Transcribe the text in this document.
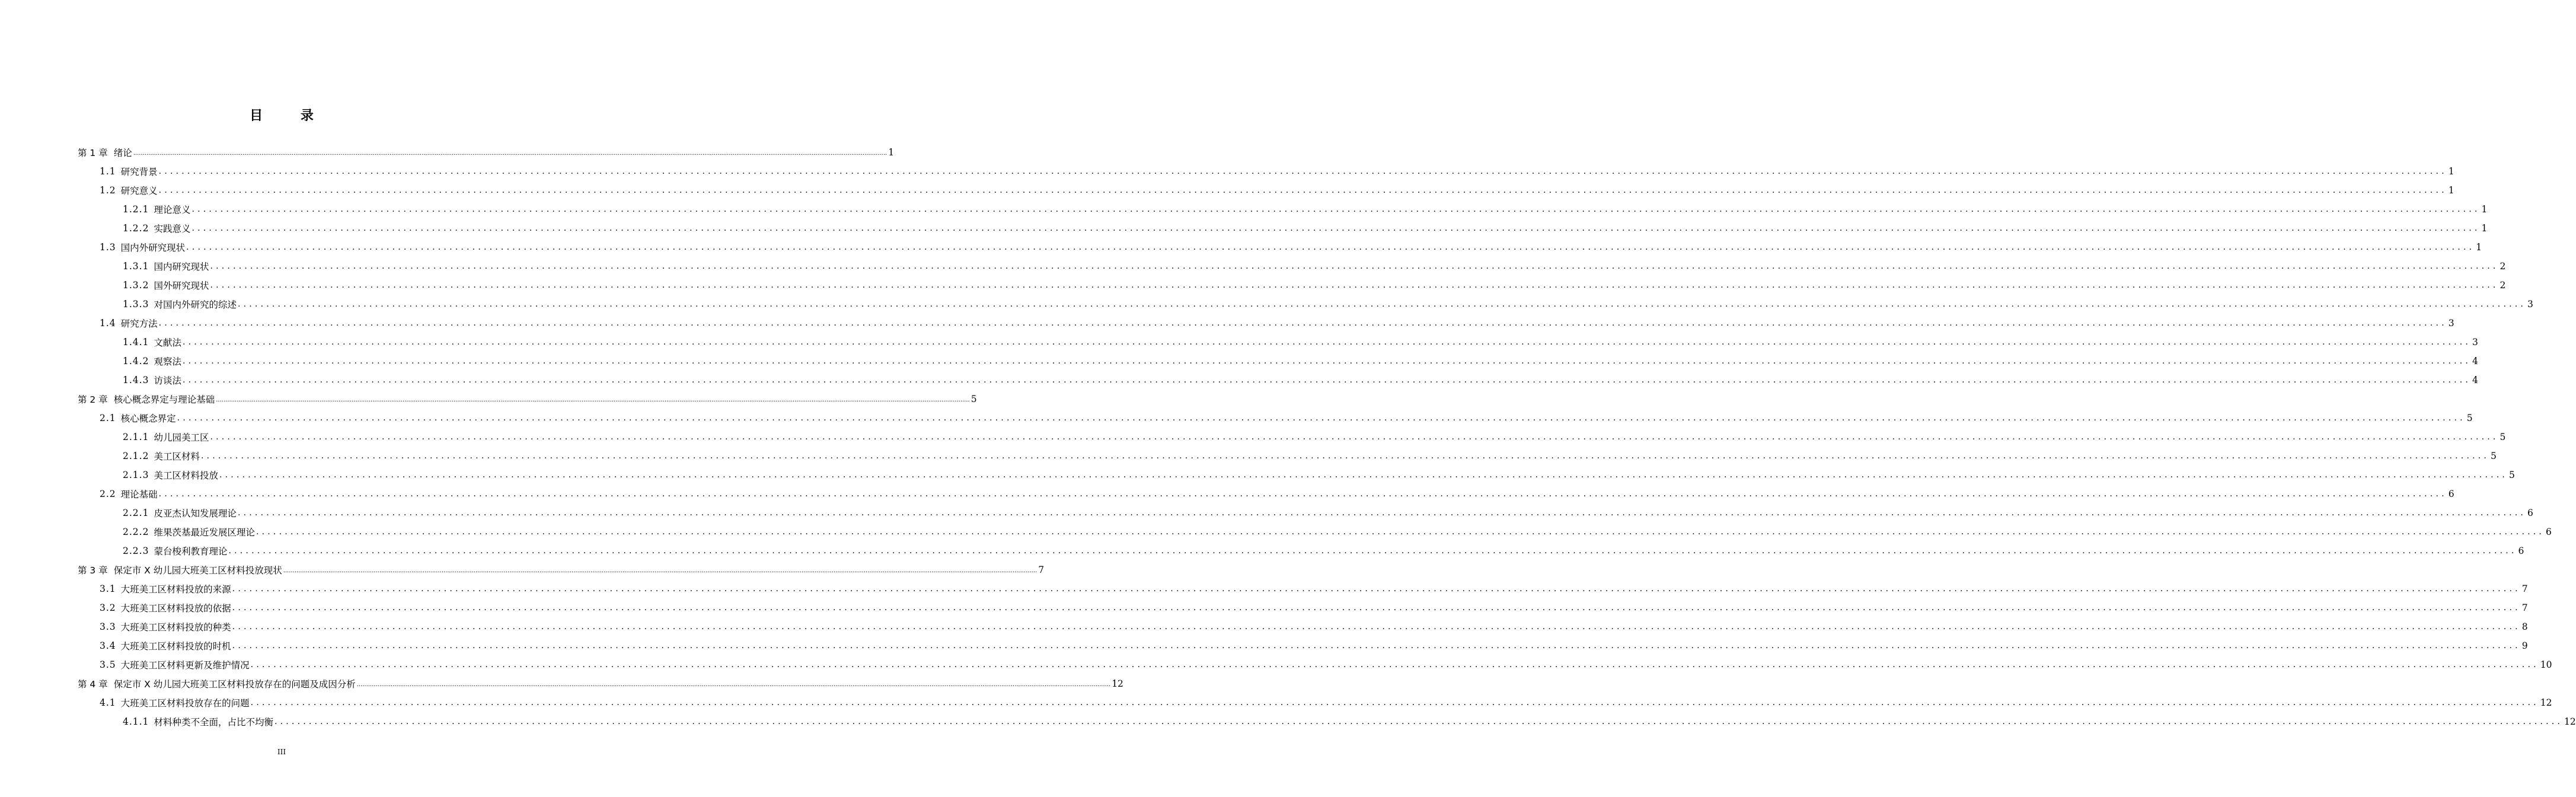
目 录
第 1 章 绪论 ................................................................................................................................................................................................................................................................................................................................................................................................................ 1
1.1 研究背景 ................................................................................................................................................................................................................................................................................................................................................................................................................ 1
1.2 研究意义 ................................................................................................................................................................................................................................................................................................................................................................................................................ 1
1.2.1 理论意义 ................................................................................................................................................................................................................................................................................................................................................................................................................ 1
1.2.2 实践意义 ................................................................................................................................................................................................................................................................................................................................................................................................................ 1
1.3 国内外研究现状 ................................................................................................................................................................................................................................................................................................................................................................................................................ 1
1.3.1 国内研究现状 ................................................................................................................................................................................................................................................................................................................................................................................................................ 2
1.3.2 国外研究现状 ................................................................................................................................................................................................................................................................................................................................................................................................................ 2
1.3.3 对国内外研究的综述 ................................................................................................................................................................................................................................................................................................................................................................................................................ 3
1.4 研究方法 ................................................................................................................................................................................................................................................................................................................................................................................................................ 3
1.4.1 文献法 ................................................................................................................................................................................................................................................................................................................................................................................................................ 3
1.4.2 观察法 ................................................................................................................................................................................................................................................................................................................................................................................................................ 4
1.4.3 访谈法 ................................................................................................................................................................................................................................................................................................................................................................................................................ 4
第 2 章 核心概念界定与理论基础 ................................................................................................................................................................................................................................................................................................................................................................................................................ 5
2.1 核心概念界定 ................................................................................................................................................................................................................................................................................................................................................................................................................ 5
2.1.1 幼儿园美工区 ................................................................................................................................................................................................................................................................................................................................................................................................................ 5
2.1.2 美工区材料 ................................................................................................................................................................................................................................................................................................................................................................................................................ 5
2.1.3 美工区材料投放 ................................................................................................................................................................................................................................................................................................................................................................................................................ 5
2.2 理论基础 ................................................................................................................................................................................................................................................................................................................................................................................................................ 6
2.2.1 皮亚杰认知发展理论 ................................................................................................................................................................................................................................................................................................................................................................................................................ 6
2.2.2 维果茨基最近发展区理论 ................................................................................................................................................................................................................................................................................................................................................................................................................ 6
2.2.3 蒙台梭利教育理论 ................................................................................................................................................................................................................................................................................................................................................................................................................ 6
第 3 章 保定市 X 幼儿园大班美工区材料投放现状 ................................................................................................................................................................................................................................................................................................................................................................................................................ 7
3.1 大班美工区材料投放的来源 ................................................................................................................................................................................................................................................................................................................................................................................................................ 7
3.2 大班美工区材料投放的依据 ................................................................................................................................................................................................................................................................................................................................................................................................................ 7
3.3 大班美工区材料投放的种类 ................................................................................................................................................................................................................................................................................................................................................................................................................ 8
3.4 大班美工区材料投放的时机 ................................................................................................................................................................................................................................................................................................................................................................................................................ 9
3.5 大班美工区材料更新及维护情况 ................................................................................................................................................................................................................................................................................................................................................................................................................ 10
第 4 章 保定市 X 幼儿园大班美工区材料投放存在的问题及成因分析 ................................................................................................................................................................................................................................................................................................................................................................................................................ 12
4.1 大班美工区材料投放存在的问题 ................................................................................................................................................................................................................................................................................................................................................................................................................ 12
4.1.1 材料种类不全面，占比不均衡 ................................................................................................................................................................................................................................................................................................................................................................................................................ 12
III
